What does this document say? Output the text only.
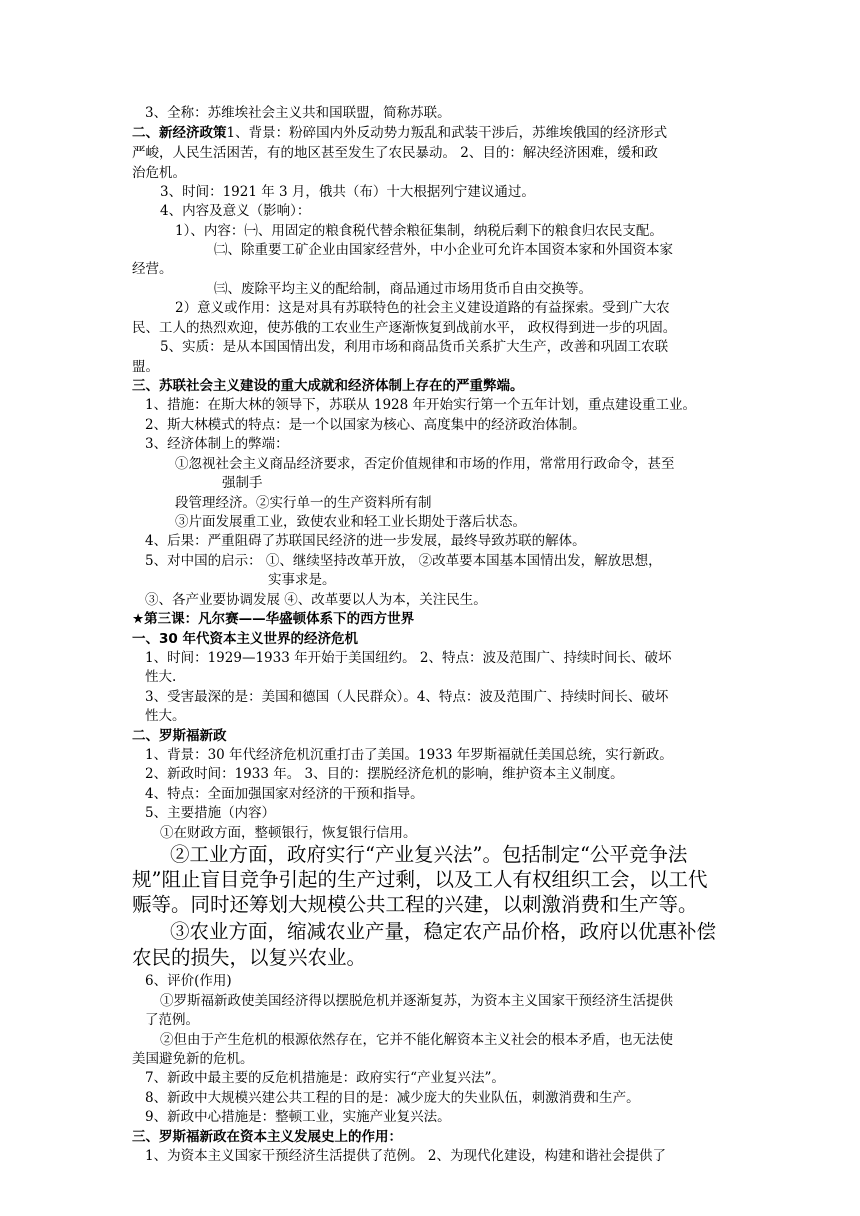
3、全称：苏维埃社会主义共和国联盟，简称苏联。
二、新经济政策1、背景：粉碎国内外反动势力叛乱和武装干涉后，苏维埃俄国的经济形式
严峻，人民生活困苦，有的地区甚至发生了农民暴动。 2、目的：解决经济困难，缓和政
治危机。
3、时间：1921 年 3 月，俄共（布）十大根据列宁建议通过。
4、内容及意义（影响）：
1）、内容：㈠、用固定的粮食税代替余粮征集制，纳税后剩下的粮食归农民支配。
㈡、除重要工矿企业由国家经营外，中小企业可允许本国资本家和外国资本家
经营。
㈢、废除平均主义的配给制，商品通过市场用货币自由交换等。
2）意义或作用：这是对具有苏联特色的社会主义建设道路的有益探索。受到广大农
民、工人的热烈欢迎，使苏俄的工农业生产逐渐恢复到战前水平， 政权得到进一步的巩固。
5、实质：是从本国国情出发，利用市场和商品货币关系扩大生产，改善和巩固工农联
盟。
三、苏联社会主义建设的重大成就和经济体制上存在的严重弊端。
1、措施：在斯大林的领导下，苏联从 1928 年开始实行第一个五年计划，重点建设重工业。
2、斯大林模式的特点：是一个以国家为核心、高度集中的经济政治体制。
3、经济体制上的弊端：
①忽视社会主义商品经济要求，否定价值规律和市场的作用，常常用行政命令，甚至
强制手
段管理经济。②实行单一的生产资料所有制
③片面发展重工业，致使农业和轻工业长期处于落后状态。
4、后果：严重阻碍了苏联国民经济的进一步发展，最终导致苏联的解体。
5、对中国的启示： ①、继续坚持改革开放， ②改革要本国基本国情出发，解放思想，
实事求是。
③、各产业要协调发展 ④、改革要以人为本，关注民生。
★第三课：凡尔赛——华盛顿体系下的西方世界
一、30 年代资本主义世界的经济危机
1、时间：1929—1933 年开始于美国纽约。 2、特点：波及范围广、持续时间长、破坏
性大.
3、受害最深的是：美国和德国（人民群众）。4、特点：波及范围广、持续时间长、破坏
性大。
二、罗斯福新政
1、背景：30 年代经济危机沉重打击了美国。1933 年罗斯福就任美国总统，实行新政。
2、新政时间：1933 年。 3、目的：摆脱经济危机的影响，维护资本主义制度。
4、特点：全面加强国家对经济的干预和指导。
5、主要措施（内容）
①在财政方面，整顿银行，恢复银行信用。
②工业方面，政府实行“产业复兴法”。包括制定“公平竞争法
规”阻止盲目竞争引起的生产过剩，以及工人有权组织工会，以工代
赈等。同时还筹划大规模公共工程的兴建，以刺激消费和生产等。
③农业方面，缩减农业产量，稳定农产品价格，政府以优惠补偿
农民的损失，以复兴农业。
6、评价(作用)
①罗斯福新政使美国经济得以摆脱危机并逐渐复苏，为资本主义国家干预经济生活提供
了范例。
②但由于产生危机的根源依然存在，它并不能化解资本主义社会的根本矛盾，也无法使
美国避免新的危机。
7、新政中最主要的反危机措施是：政府实行“产业复兴法”。
8、新政中大规模兴建公共工程的目的是：减少庞大的失业队伍，刺激消费和生产。
9、新政中心措施是：整顿工业，实施产业复兴法。
三、罗斯福新政在资本主义发展史上的作用：
1、为资本主义国家干预经济生活提供了范例。 2、为现代化建设，构建和谐社会提供了
